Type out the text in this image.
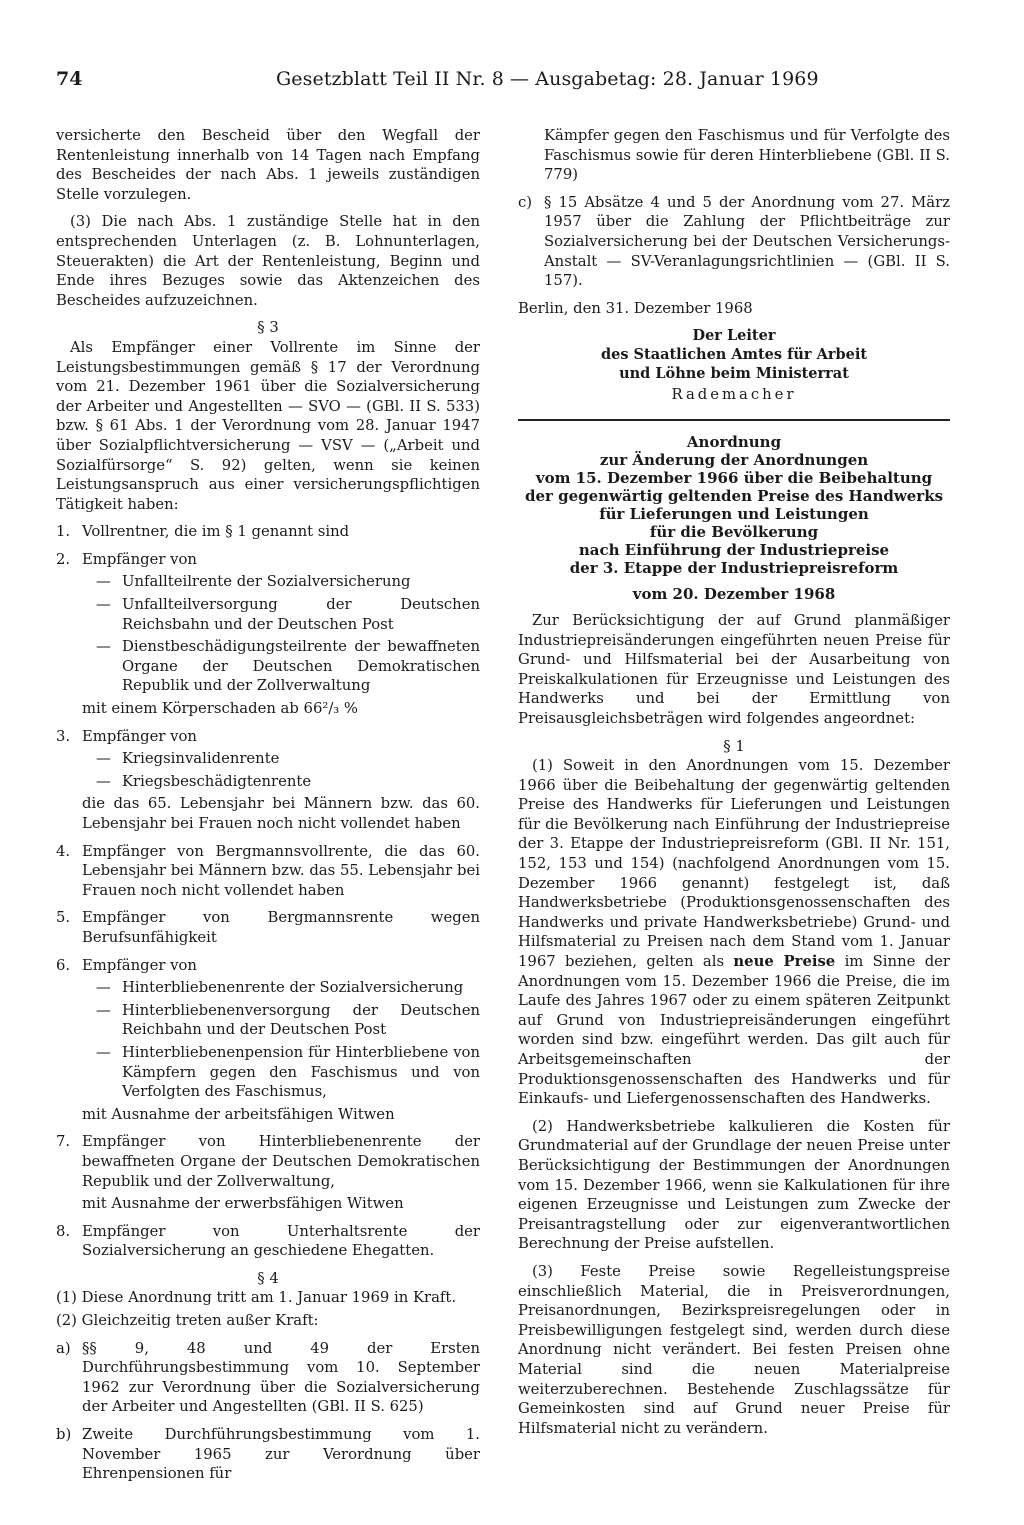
74	Gesetzblatt Teil II Nr. 8 — Ausgabetag: 28. Januar 1969

versicherte den Bescheid über den Wegfall der Rentenleistung innerhalb von 14 Tagen nach Empfang des Bescheides der nach Abs. 1 jeweils zuständigen Stelle vorzulegen.

(3) Die nach Abs. 1 zuständige Stelle hat in den entsprechenden Unterlagen (z. B. Lohnunterlagen, Steuerakten) die Art der Rentenleistung, Beginn und Ende ihres Bezuges sowie das Aktenzeichen des Bescheides aufzuzeichnen.

§ 3

Als Empfänger einer Vollrente im Sinne der Leistungsbestimmungen gemäß § 17 der Verordnung vom 21. Dezember 1961 über die Sozialversicherung der Arbeiter und Angestellten — SVO — (GBl. II S. 533) bzw. § 61 Abs. 1 der Verordnung vom 28. Januar 1947 über Sozialpflichtversicherung — VSV — („Arbeit und Sozialfürsorge“ S. 92) gelten, wenn sie keinen Leistungsanspruch aus einer versicherungspflichtigen Tätigkeit haben:

1. Vollrentner, die im § 1 genannt sind
2. Empfänger von
— Unfallteilrente der Sozialversicherung
— Unfallteilversorgung der Deutschen Reichsbahn und der Deutschen Post
— Dienstbeschädigungsteilrente der bewaffneten Organe der Deutschen Demokratischen Republik und der Zollverwaltung
mit einem Körperschaden ab 66²/₃ %
3. Empfänger von
— Kriegsinvalidenrente
— Kriegsbeschädigtenrente
die das 65. Lebensjahr bei Männern bzw. das 60. Lebensjahr bei Frauen noch nicht vollendet haben
4. Empfänger von Bergmannsvollrente, die das 60. Lebensjahr bei Männern bzw. das 55. Lebensjahr bei Frauen noch nicht vollendet haben
5. Empfänger von Bergmannsrente wegen Berufsunfähigkeit
6. Empfänger von
— Hinterbliebenenrente der Sozialversicherung
— Hinterbliebenenversorgung der Deutschen Reichbahn und der Deutschen Post
— Hinterbliebenenpension für Hinterbliebene von Kämpfern gegen den Faschismus und von Verfolgten des Faschismus,
mit Ausnahme der arbeitsfähigen Witwen
7. Empfänger von Hinterbliebenenrente der bewaffneten Organe der Deutschen Demokratischen Republik und der Zollverwaltung,
mit Ausnahme der erwerbsfähigen Witwen
8. Empfänger von Unterhaltsrente der Sozialversicherung an geschiedene Ehegatten.
§ 4

(1) Diese Anordnung tritt am 1. Januar 1969 in Kraft.

(2) Gleichzeitig treten außer Kraft:

a) §§ 9, 48 und 49 der Ersten Durchführungsbestimmung vom 10. September 1962 zur Verordnung über die Sozialversicherung der Arbeiter und Angestellten (GBl. II S. 625)
b) Zweite Durchführungsbestimmung vom 1. November 1965 zur Verordnung über Ehrenpensionen für

Kämpfer gegen den Faschismus und für Verfolgte des Faschismus sowie für deren Hinterbliebene (GBl. II S. 779)

c) § 15 Absätze 4 und 5 der Anordnung vom 27. März 1957 über die Zahlung der Pflichtbeiträge zur Sozialversicherung bei der Deutschen Versicherungs-Anstalt — SV-Veranlagungsrichtlinien — (GBl. II S. 157).

Berlin, den 31. Dezember 1968

Der Leiter
des Staatlichen Amtes für Arbeit
und Löhne beim Ministerrat
Rademacher
Anordnung
zur Änderung der Anordnungen
vom 15. Dezember 1966 über die Beibehaltung
der gegenwärtig geltenden Preise des Handwerks
für Lieferungen und Leistungen
für die Bevölkerung
nach Einführung der Industriepreise
der 3. Etappe der Industriepreisreform
vom 20. Dezember 1968

Zur Berücksichtigung der auf Grund planmäßiger Industriepreisänderungen eingeführten neuen Preise für Grund- und Hilfsmaterial bei der Ausarbeitung von Preiskalkulationen für Erzeugnisse und Leistungen des Handwerks und bei der Ermittlung von Preisausgleichsbeträgen wird folgendes angeordnet:

§ 1

(1) Soweit in den Anordnungen vom 15. Dezember 1966 über die Beibehaltung der gegenwärtig geltenden Preise des Handwerks für Lieferungen und Leistungen für die Bevölkerung nach Einführung der Industriepreise der 3. Etappe der Industriepreisreform (GBl. II Nr. 151, 152, 153 und 154) (nachfolgend Anordnungen vom 15. Dezember 1966 genannt) festgelegt ist, daß Handwerksbetriebe (Produktionsgenossenschaften des Handwerks und private Handwerksbetriebe) Grund- und Hilfsmaterial zu Preisen nach dem Stand vom 1. Januar 1967 beziehen, gelten als neue Preise im Sinne der Anordnungen vom 15. Dezember 1966 die Preise, die im Laufe des Jahres 1967 oder zu einem späteren Zeitpunkt auf Grund von Industriepreisänderungen eingeführt worden sind bzw. eingeführt werden. Das gilt auch für Arbeitsgemeinschaften der Produktionsgenossenschaften des Handwerks und für Einkaufs- und Liefergenossenschaften des Handwerks.

(2) Handwerksbetriebe kalkulieren die Kosten für Grundmaterial auf der Grundlage der neuen Preise unter Berücksichtigung der Bestimmungen der Anordnungen vom 15. Dezember 1966, wenn sie Kalkulationen für ihre eigenen Erzeugnisse und Leistungen zum Zwecke der Preisantragstellung oder zur eigenverantwortlichen Berechnung der Preise aufstellen.

(3) Feste Preise sowie Regelleistungspreise einschließlich Material, die in Preisverordnungen, Preisanordnungen, Bezirkspreisregelungen oder in Preisbewilligungen festgelegt sind, werden durch diese Anordnung nicht verändert. Bei festen Preisen ohne Material sind die neuen Materialpreise weiterzuberechnen. Bestehende Zuschlagssätze für Gemeinkosten sind auf Grund neuer Preise für Hilfsmaterial nicht zu verändern.
